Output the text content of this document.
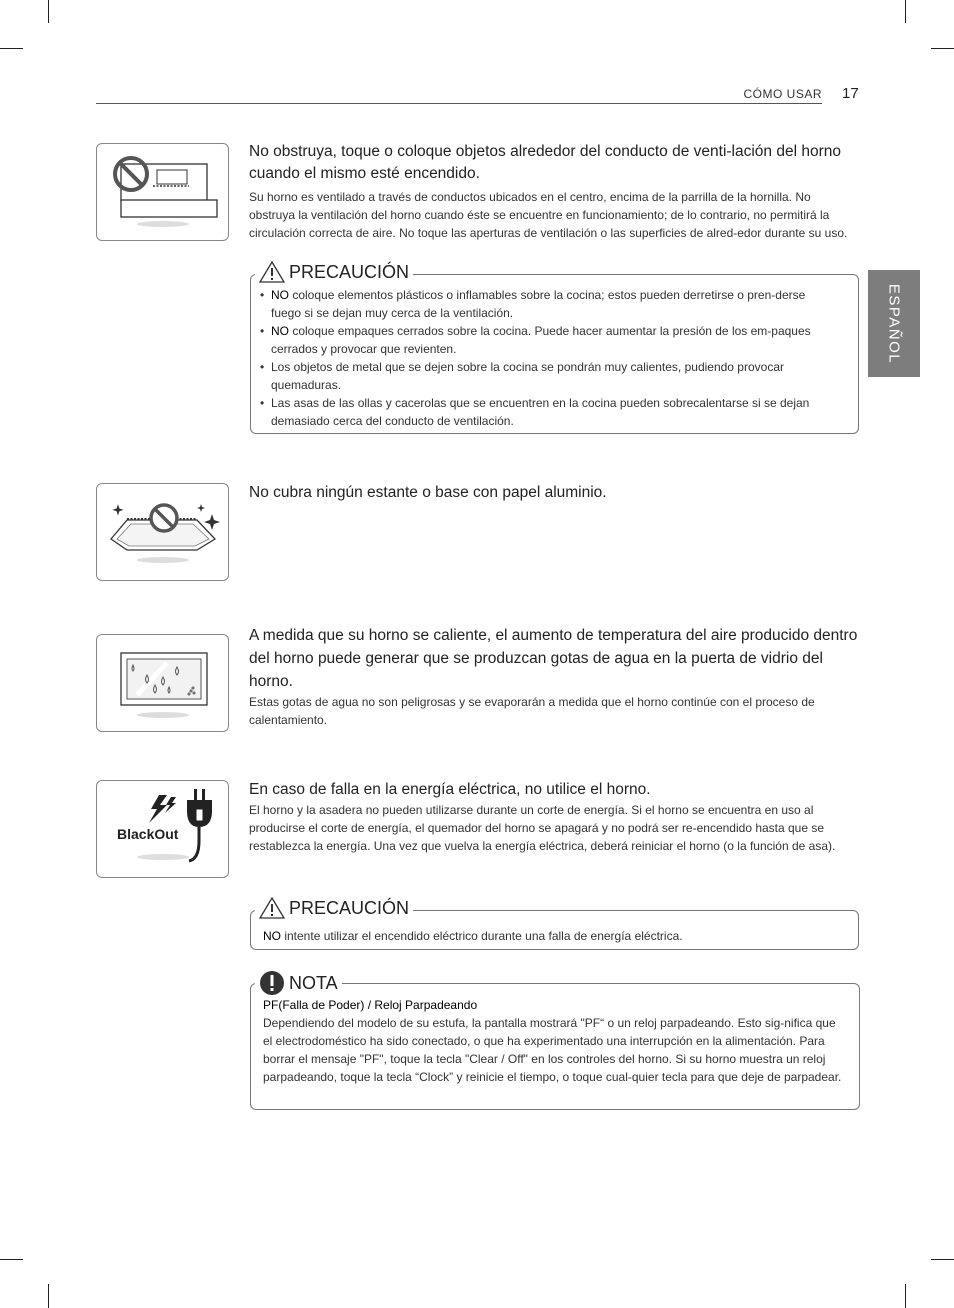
CÓMO USAR 17
ESPAÑOL

No obstruya, toque o coloque objetos alrededor del conducto de venti-lación del horno cuando el mismo esté encendido.

Su horno es ventilado a través de conductos ubicados en el centro, encima de la parrilla de la hornilla. No obstruya la ventilación del horno cuando éste se encuentre en funcionamiento; de lo contrario, no permitirá la circulación correcta de aire. No toque las aperturas de ventilación o las superficies de alred-edor durante su uso.

PRECAUCIÓN
• NO coloque elementos plásticos o inflamables sobre la cocina; estos pueden derretirse o pren-derse fuego si se dejan muy cerca de la ventilación.
• NO coloque empaques cerrados sobre la cocina. Puede hacer aumentar la presión de los em-paques cerrados y provocar que revienten.
• Los objetos de metal que se dejen sobre la cocina se pondrán muy calientes, pudiendo provocar quemaduras.
• Las asas de las ollas y cacerolas que se encuentren en la cocina pueden sobrecalentarse si se dejan demasiado cerca del conducto de ventilación.

No cubra ningún estante o base con papel aluminio.

A medida que su horno se caliente, el aumento de temperatura del aire producido dentro del horno puede generar que se produzcan gotas de agua en la puerta de vidrio del horno.

Estas gotas de agua no son peligrosas y se evaporarán a medida que el horno continúe con el proceso de calentamiento.

BlackOut

En caso de falla en la energía eléctrica, no utilice el horno.

El horno y la asadera no pueden utilizarse durante un corte de energía. Si el horno se encuentra en uso al producirse el corte de energía, el quemador del horno se apagará y no podrá ser re-encendido hasta que se restablezca la energía. Una vez que vuelva la energía eléctrica, deberá reiniciar el horno (o la función de asa).

PRECAUCIÓN
NO intente utilizar el encendido eléctrico durante una falla de energía eléctrica.
NOTA
PF(Falla de Poder) / Reloj Parpadeando

Dependiendo del modelo de su estufa, la pantalla mostrará "PF“ o un reloj parpadeando. Esto sig-nifica que el electrodoméstico ha sido conectado, o que ha experimentado una interrupción en la alimentación. Para borrar el mensaje "PF", toque la tecla "Clear / Off" en los controles del horno. Si su horno muestra un reloj parpadeando, toque la tecla “Clock” y reinicie el tiempo, o toque cual-quier tecla para que deje de parpadear.
